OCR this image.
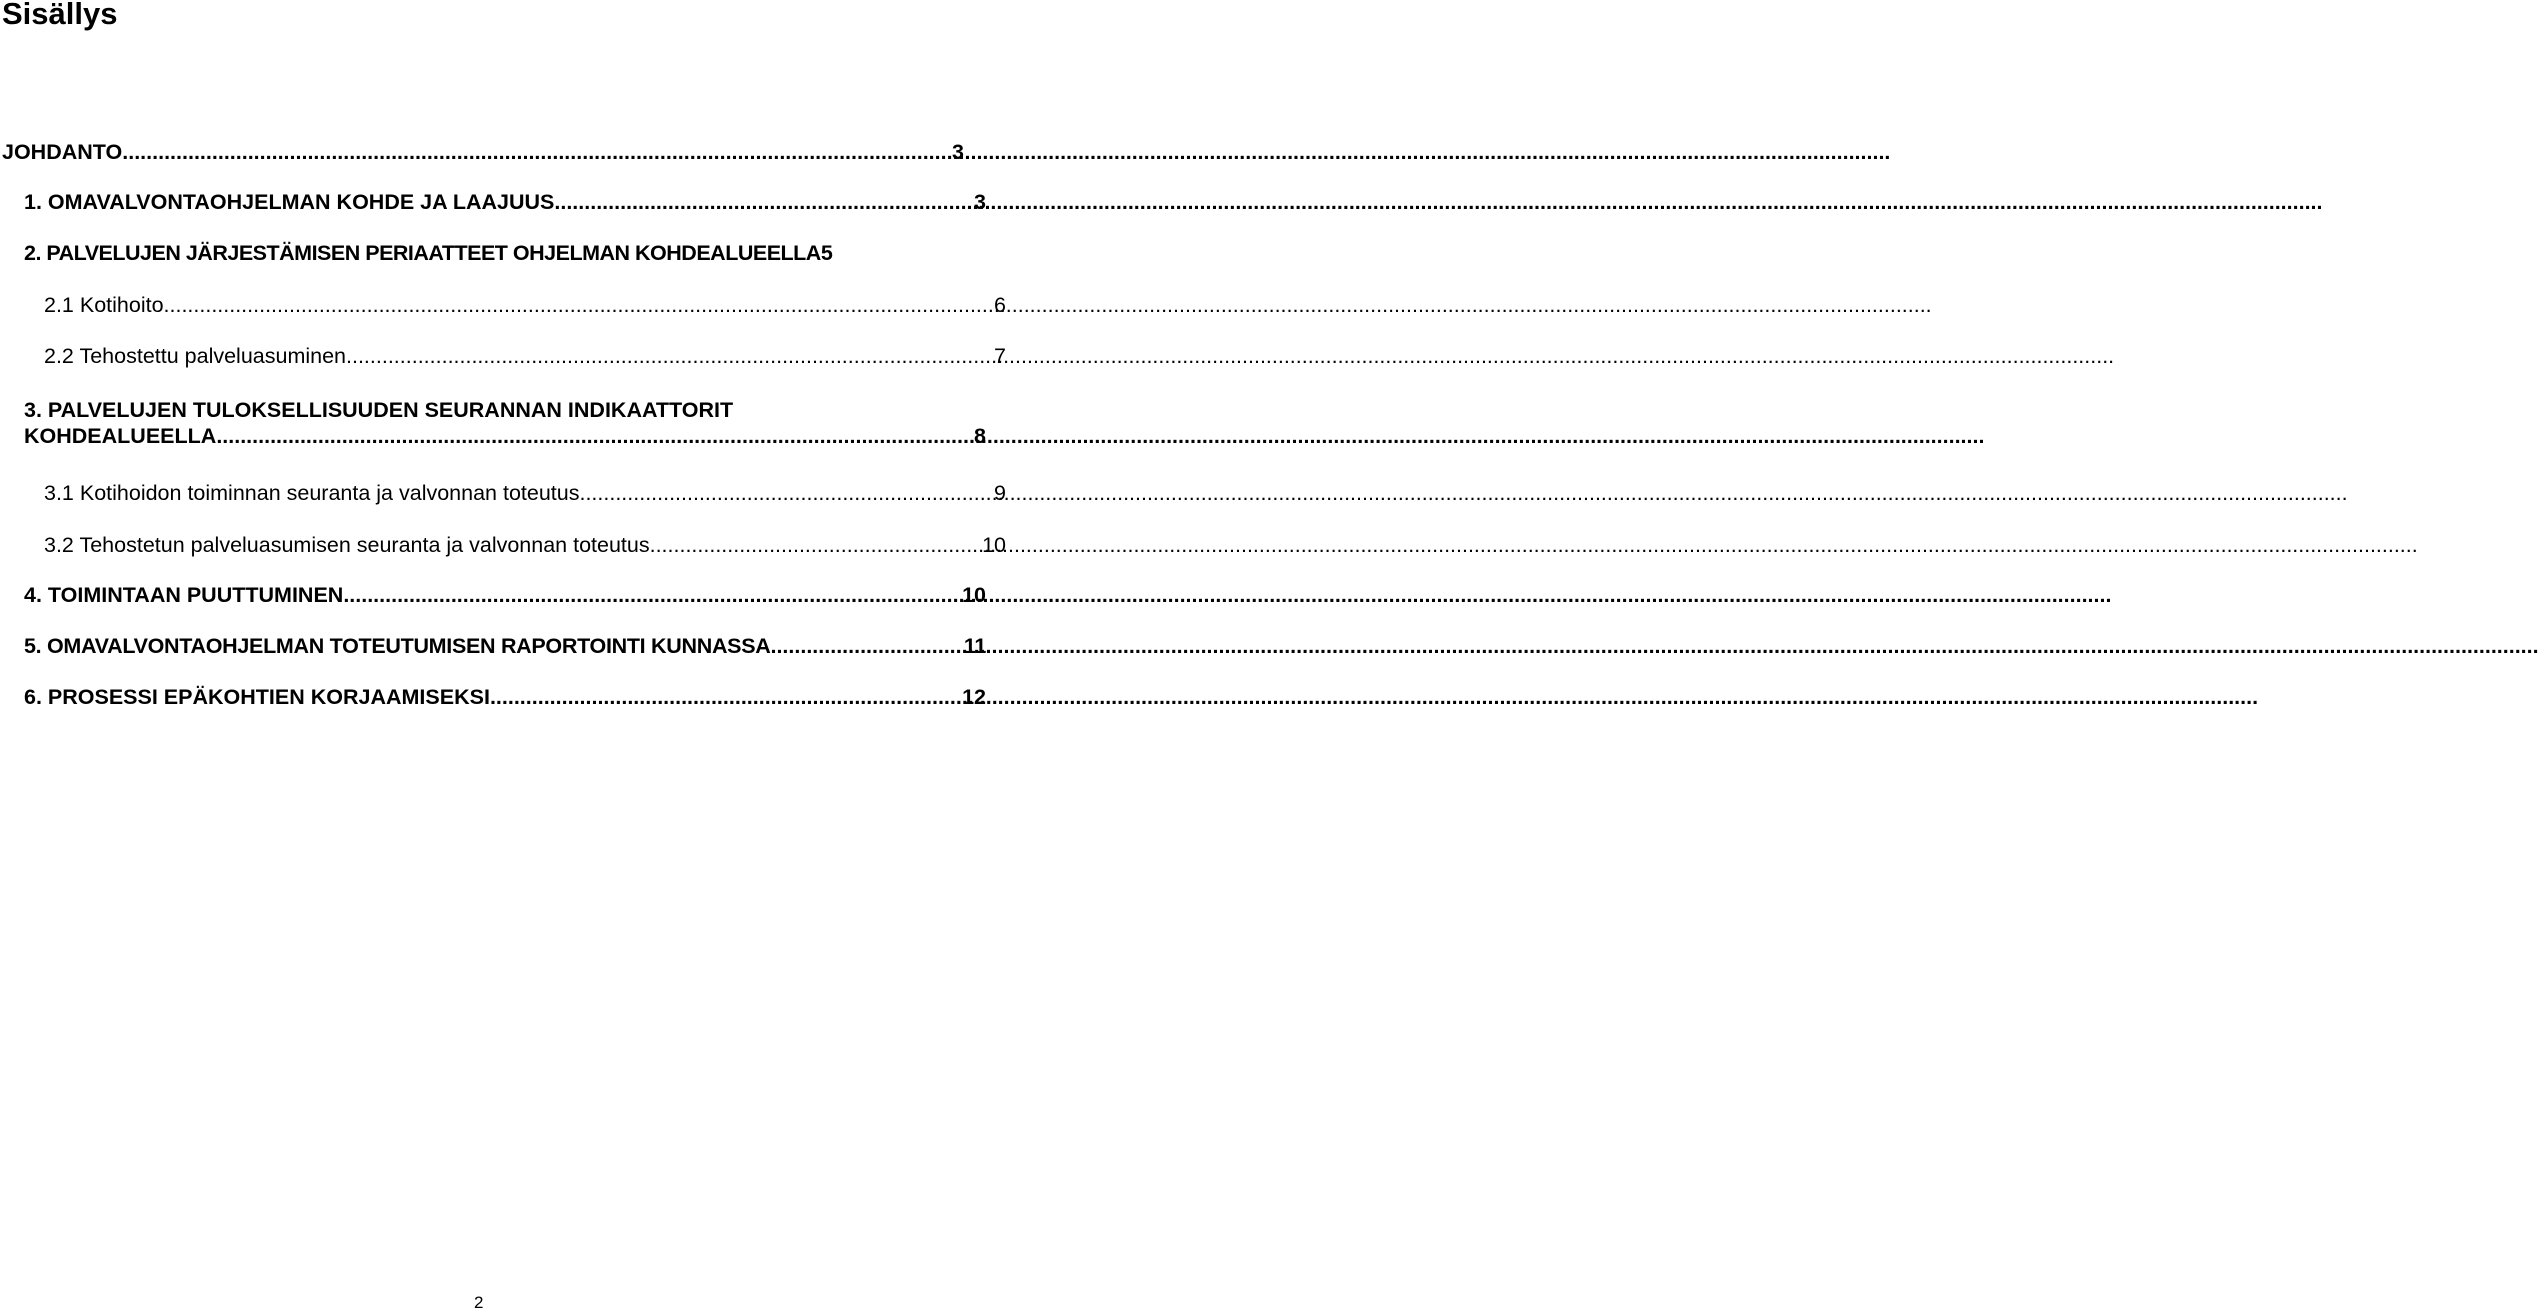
Sisällys
JOHDANTO .....	3
1. OMAVALVONTAOHJELMAN KOHDE JA LAAJUUS .....	3
2. PALVELUJEN JÄRJESTÄMISEN PERIAATTEET OHJELMAN KOHDEALUEELLA 5
2.1 Kotihoito .....	6
2.2 Tehostettu palveluasuminen .....	7
3. PALVELUJEN TULOKSELLISUUDEN SEURANNAN INDIKAATTORIT
KOHDEALUEELLA .....	8
3.1 Kotihoidon toiminnan seuranta ja valvonnan toteutus .....	9
3.2 Tehostetun palveluasumisen seuranta ja valvonnan toteutus .....	10
4. TOIMINTAAN PUUTTUMINEN .....	10
5. OMAVALVONTAOHJELMAN TOTEUTUMISEN RAPORTOINTI KUNNASSA .....	11
6. PROSESSI EPÄKOHTIEN KORJAAMISEKSI .....	12
2
